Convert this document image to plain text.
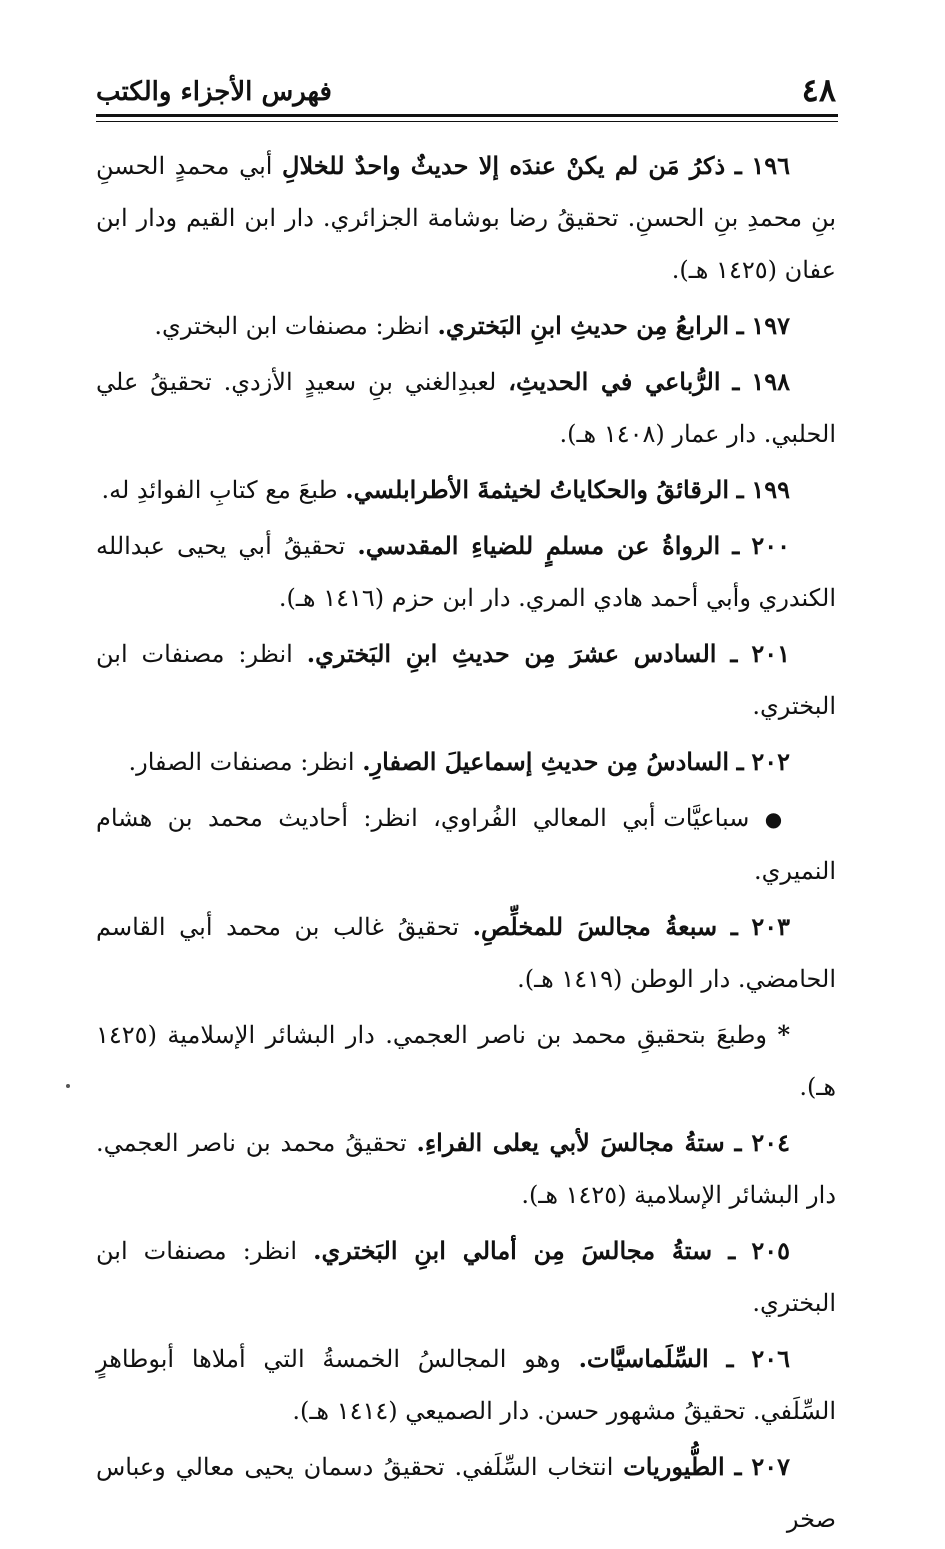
٤٨
فهرس الأجزاء والكتب

١٩٦ ـ ذكرُ مَن لم يكنْ عندَه إلا حديثٌ واحدٌ للخلالِ أبي محمدٍ الحسنِ بنِ محمدِ بنِ الحسنِ. تحقيقُ رضا بوشامة الجزائري. دار ابن القيم ودار ابن عفان (١٤٢٥ هـ).

١٩٧ ـ الرابعُ مِن حديثِ ابنِ البَختري. انظر: مصنفات ابن البختري.

١٩٨ ـ الرُّباعي في الحديثِ، لعبدِالغني بنِ سعيدٍ الأزدي. تحقيقُ علي الحلبي. دار عمار (١٤٠٨ هـ).

١٩٩ ـ الرقائقُ والحكاياتُ لخيثمةَ الأطرابلسي. طبعَ مع كتابِ الفوائدِ له.

٢٠٠ ـ الرواةُ عن مسلمٍ للضياءِ المقدسي. تحقيقُ أبي يحيى عبدالله الكندري وأبي أحمد هادي المري. دار ابن حزم (١٤١٦ هـ).

٢٠١ ـ السادس عشرَ مِن حديثِ ابنِ البَختري. انظر: مصنفات ابن البختري.

٢٠٢ ـ السادسُ مِن حديثِ إسماعيلَ الصفارِ. انظر: مصنفات الصفار.

● سباعيَّات أبي المعالي الفُراوي، انظر: أحاديث محمد بن هشام النميري.

٢٠٣ ـ سبعةُ مجالسَ للمخلِّصِ. تحقيقُ غالب بن محمد أبي القاسم الحامضي. دار الوطن (١٤١٩ هـ).

* وطبعَ بتحقيقِ محمد بن ناصر العجمي. دار البشائر الإسلامية (١٤٢٥ هـ).

٢٠٤ ـ ستةُ مجالسَ لأبي يعلى الفراءِ. تحقيقُ محمد بن ناصر العجمي. دار البشائر الإسلامية (١٤٢٥ هـ).

٢٠٥ ـ ستةُ مجالسَ مِن أمالي ابنِ البَختري. انظر: مصنفات ابن البختري.

٢٠٦ ـ السِّلَماسيَّات. وهو المجالسُ الخمسةُ التي أملاها أبوطاهرٍ السِّلَفي. تحقيقُ مشهور حسن. دار الصميعي (١٤١٤ هـ).

٢٠٧ ـ الطُّيوريات انتخاب السِّلَفي. تحقيقُ دسمان يحيى معالي وعباس صخر
